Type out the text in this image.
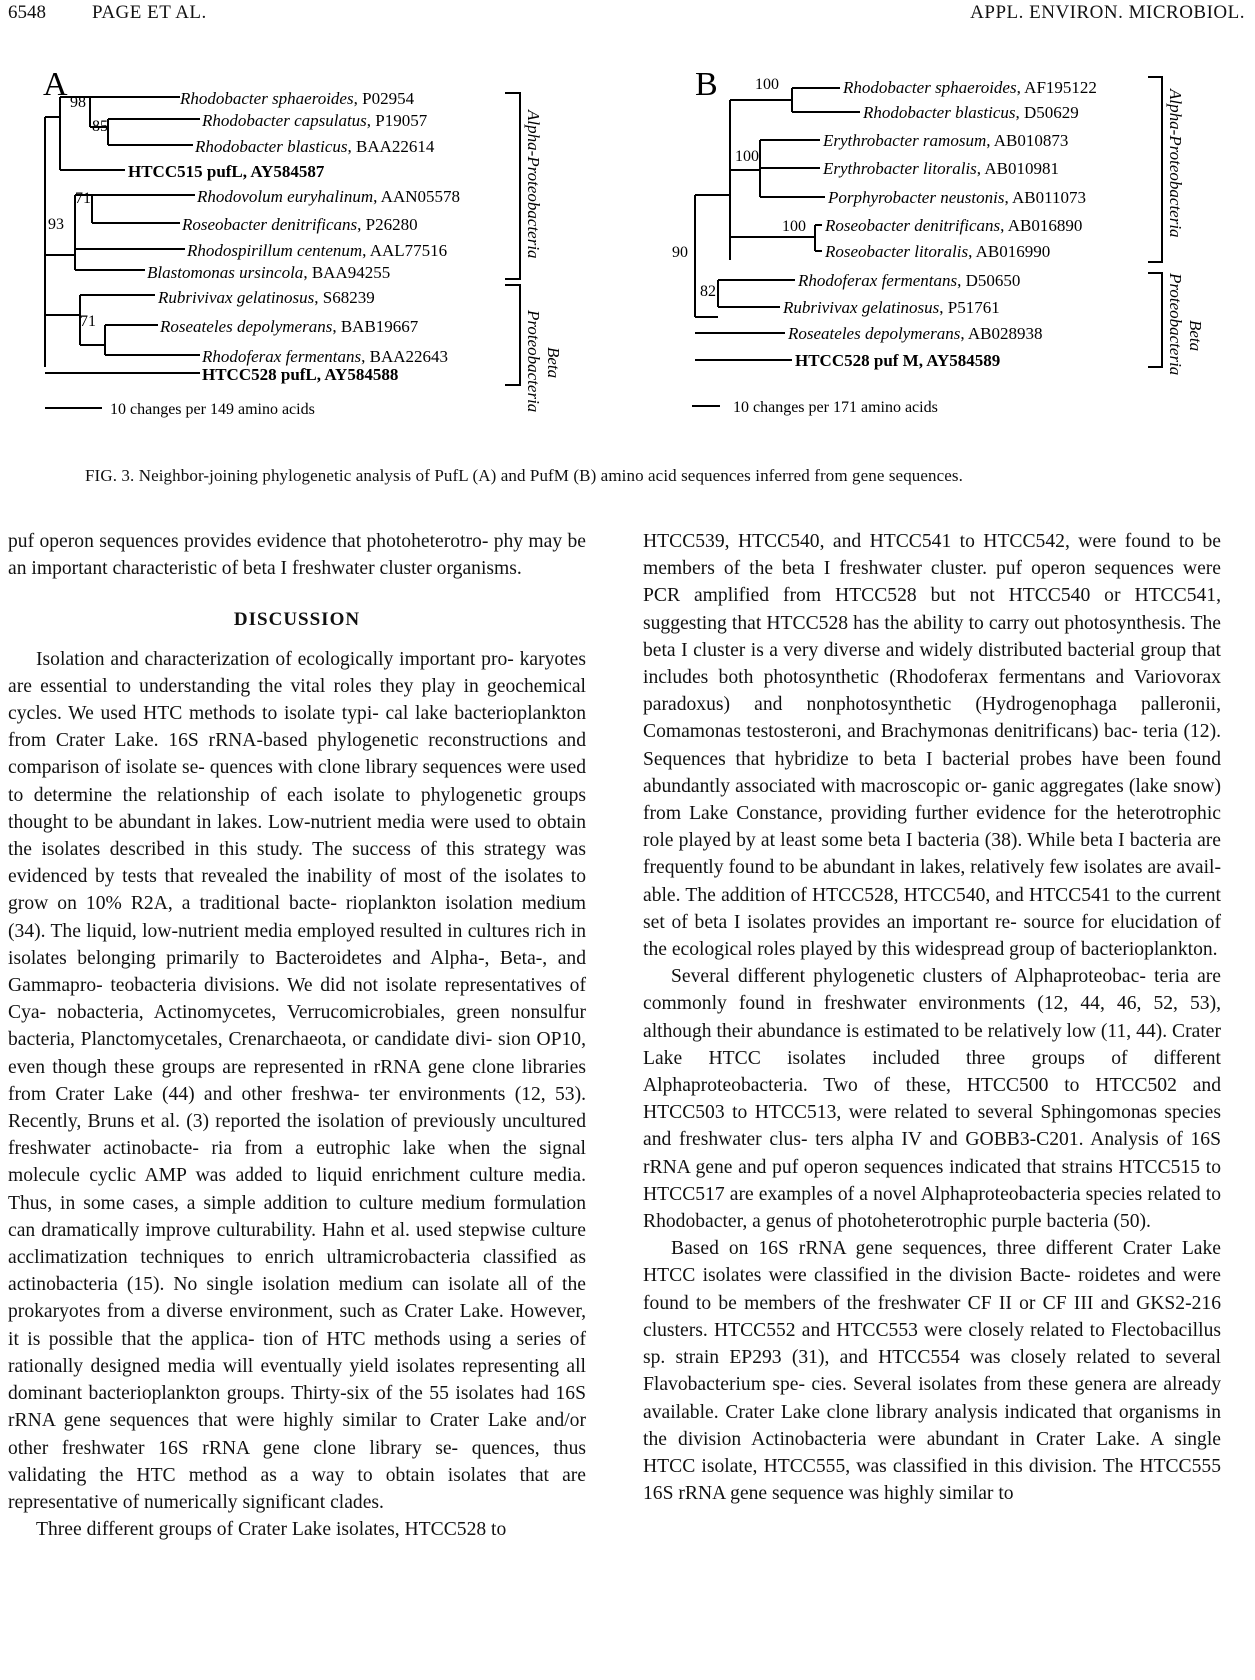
6548 PAGE ET AL.	APPL. ENVIRON. MICROBIOL.
A 98
85
71
93
71
Rhodobacter sphaeroides, P02954
Rhodobacter capsulatus, P19057
Rhodobacter blasticus, BAA22614
HTCC515 pufL, AY584587
Rhodovolum euryhalinum, AAN05578
Roseobacter denitrificans, P26280
Rhodospirillum centenum, AAL77516
Blastomonas ursincola, BAA94255
Rubrivivax gelatinosus, S68239
Roseateles depolymerans, BAB19667
Rhodoferax fermentans, BAA22643
HTCC528 pufL, AY584588
Alpha-Proteobacteria
Beta
Proteobacteria
10 changes per 149 amino acids
B 100
100
100
90
82
Rhodobacter sphaeroides, AF195122
Rhodobacter blasticus, D50629
Erythrobacter ramosum, AB010873
Erythrobacter litoralis, AB010981
Porphyrobacter neustonis, AB011073
Roseobacter denitrificans, AB016890
Roseobacter litoralis, AB016990
Rhodoferax fermentans, D50650
Rubrivivax gelatinosus, P51761
Roseateles depolymerans, AB028938
HTCC528 puf M, AY584589
Alpha-Proteobacteria
Beta
Proteobacteria
10 changes per 171 amino acids
FIG. 3. Neighbor-joining phylogenetic analysis of PufL (A) and PufM (B) amino acid sequences inferred from gene sequences.

puf operon sequences provides evidence that photoheterotro- phy may be an important characteristic of beta I freshwater cluster organisms.

DISCUSSION

Isolation and characterization of ecologically important pro- karyotes are essential to understanding the vital roles they play in geochemical cycles. We used HTC methods to isolate typi- cal lake bacterioplankton from Crater Lake. 16S rRNA-based phylogenetic reconstructions and comparison of isolate se- quences with clone library sequences were used to determine the relationship of each isolate to phylogenetic groups thought to be abundant in lakes. Low-nutrient media were used to obtain the isolates described in this study. The success of this strategy was evidenced by tests that revealed the inability of most of the isolates to grow on 10% R2A, a traditional bacte- rioplankton isolation medium (34). The liquid, low-nutrient media employed resulted in cultures rich in isolates belonging primarily to Bacteroidetes and Alpha-, Beta-, and Gammapro- teobacteria divisions. We did not isolate representatives of Cya- nobacteria, Actinomycetes, Verrucomicrobiales, green nonsulfur bacteria, Planctomycetales, Crenarchaeota, or candidate divi- sion OP10, even though these groups are represented in rRNA gene clone libraries from Crater Lake (44) and other freshwa- ter environments (12, 53). Recently, Bruns et al. (3) reported the isolation of previously uncultured freshwater actinobacte- ria from a eutrophic lake when the signal molecule cyclic AMP was added to liquid enrichment culture media. Thus, in some cases, a simple addition to culture medium formulation can dramatically improve culturability. Hahn et al. used stepwise culture acclimatization techniques to enrich ultramicrobacteria classified as actinobacteria (15). No single isolation medium can isolate all of the prokaryotes from a diverse environment, such as Crater Lake. However, it is possible that the applica- tion of HTC methods using a series of rationally designed media will eventually yield isolates representing all dominant bacterioplankton groups. Thirty-six of the 55 isolates had 16S rRNA gene sequences that were highly similar to Crater Lake and/or other freshwater 16S rRNA gene clone library se- quences, thus validating the HTC method as a way to obtain isolates that are representative of numerically significant clades.

Three different groups of Crater Lake isolates, HTCC528 to

HTCC539, HTCC540, and HTCC541 to HTCC542, were found to be members of the beta I freshwater cluster. puf operon sequences were PCR amplified from HTCC528 but not HTCC540 or HTCC541, suggesting that HTCC528 has the ability to carry out photosynthesis. The beta I cluster is a very diverse and widely distributed bacterial group that includes both photosynthetic (Rhodoferax fermentans and Variovorax paradoxus) and nonphotosynthetic (Hydrogenophaga palleronii, Comamonas testosteroni, and Brachymonas denitrificans) bac- teria (12). Sequences that hybridize to beta I bacterial probes have been found abundantly associated with macroscopic or- ganic aggregates (lake snow) from Lake Constance, providing further evidence for the heterotrophic role played by at least some beta I bacteria (38). While beta I bacteria are frequently found to be abundant in lakes, relatively few isolates are avail- able. The addition of HTCC528, HTCC540, and HTCC541 to the current set of beta I isolates provides an important re- source for elucidation of the ecological roles played by this widespread group of bacterioplankton.

Several different phylogenetic clusters of Alphaproteobac- teria are commonly found in freshwater environments (12, 44, 46, 52, 53), although their abundance is estimated to be relatively low (11, 44). Crater Lake HTCC isolates included three groups of different Alphaproteobacteria. Two of these, HTCC500 to HTCC502 and HTCC503 to HTCC513, were related to several Sphingomonas species and freshwater clus- ters alpha IV and GOBB3-C201. Analysis of 16S rRNA gene and puf operon sequences indicated that strains HTCC515 to HTCC517 are examples of a novel Alphaproteobacteria species related to Rhodobacter, a genus of photoheterotrophic purple bacteria (50).

Based on 16S rRNA gene sequences, three different Crater Lake HTCC isolates were classified in the division Bacte- roidetes and were found to be members of the freshwater CF II or CF III and GKS2-216 clusters. HTCC552 and HTCC553 were closely related to Flectobacillus sp. strain EP293 (31), and HTCC554 was closely related to several Flavobacterium spe- cies. Several isolates from these genera are already available. Crater Lake clone library analysis indicated that organisms in the division Actinobacteria were abundant in Crater Lake. A single HTCC isolate, HTCC555, was classified in this division. The HTCC555 16S rRNA gene sequence was highly similar to
